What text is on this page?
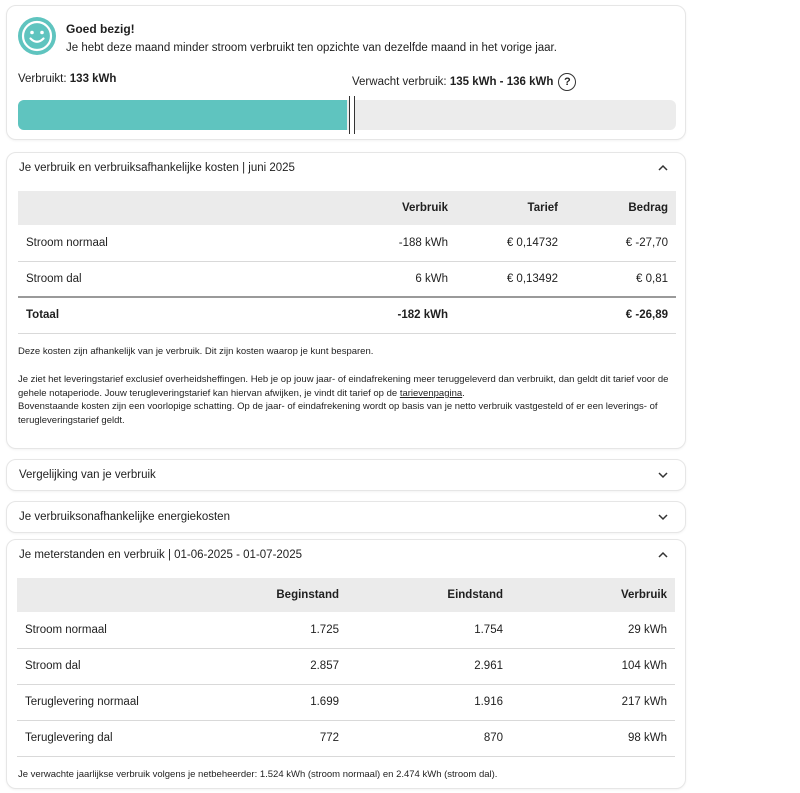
Goed bezig!
Je hebt deze maand minder stroom verbruikt ten opzichte van dezelfde maand in het vorige jaar.
Verbruikt: 133 kWh	Verwacht verbruik:
135 kWh - 136 kWh ?
Je verbruik en verbruiksafhankelijke kosten | juni 2025
	Verbruik	Tarief	Bedrag
Stroom normaal	-188 kWh	€ 0,14732	€ -27,70
Stroom dal	6 kWh	€ 0,13492	€ 0,81
Totaal	-182 kWh		€ -26,89
Deze kosten zijn afhankelijk van je verbruik. Dit zijn kosten waarop je kunt besparen.
Je ziet het leveringstarief exclusief overheidsheffingen. Heb je op jouw jaar- of eindafrekening meer teruggeleverd dan verbruikt, dan geldt dit tarief voor de gehele notaperiode. Jouw terugleveringstarief kan hiervan afwijken, je vindt dit tarief op de tarievenpagina.
Bovenstaande kosten zijn een voorlopige schatting. Op de jaar- of eindafrekening wordt op basis van je netto verbruik vastgesteld of er een leverings- of terugleveringstarief geldt.
Vergelijking van je verbruik
Je verbruiksonafhankelijke energiekosten
Je meterstanden en verbruik | 01-06-2025 - 01-07-2025
	Beginstand	Eindstand	Verbruik
Stroom normaal	1.725	1.754	29 kWh
Stroom dal	2.857	2.961	104 kWh
Teruglevering normaal	1.699	1.916	217 kWh
Teruglevering dal	772	870	98 kWh
Je verwachte jaarlijkse verbruik volgens je netbeheerder: 1.524 kWh (stroom normaal) en 2.474 kWh (stroom dal).
